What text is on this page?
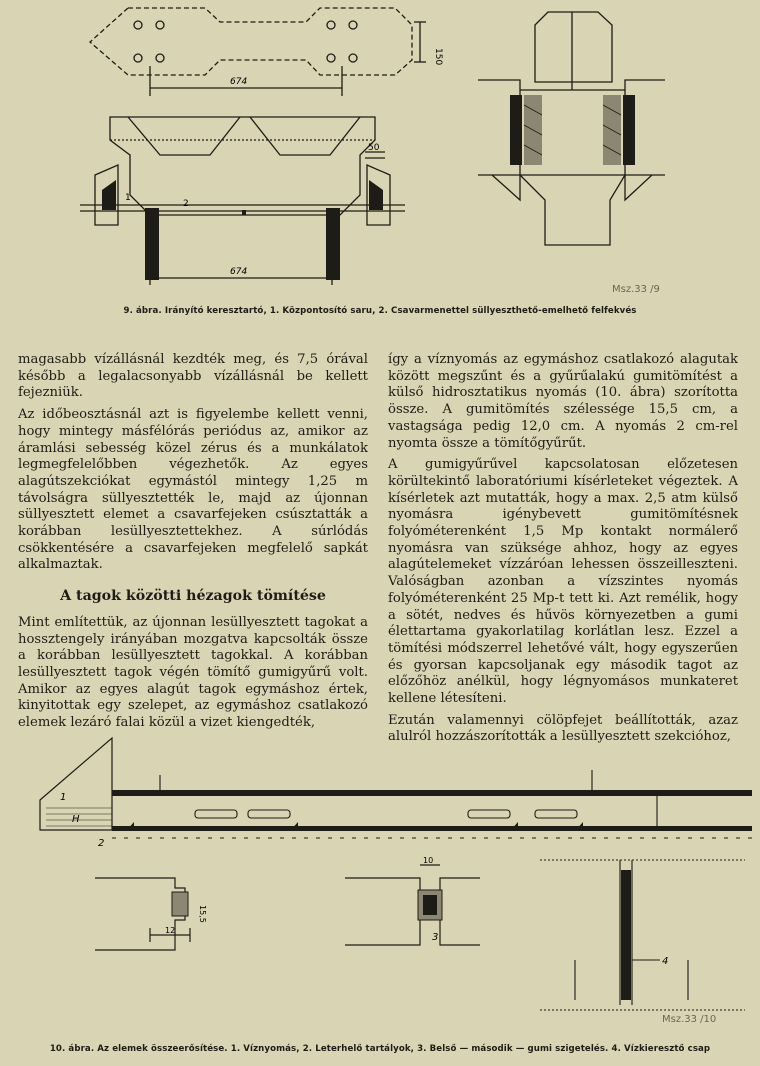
150
674
50
1
2
674
Msz.33 /9
9. ábra. Irányító keresztartó, 1. Központosító saru, 2. Csavarmenettel süllyeszthető-emelhető felfekvés

magasabb vízállásnál kezdték meg, és 7,5 órával később a legalacsonyabb vízállásnál be kellett fejezniük.

Az időbeosztásnál azt is figyelembe kellett venni, hogy mintegy másfélórás periódus az, amikor az áramlási sebesség közel zérus és a munkálatok legmegfelelőbben végezhetők. Az egyes alagútszekciókat egymástól mintegy 1,25 m távolságra süllyesztették le, majd az újonnan süllyesztett elemet a csavarfejeken csúsztatták a korábban lesüllyesztettekhez. A súrlódás csökkentésére a csavarfejeken megfelelő sapkát alkalmaztak.

A tagok közötti hézagok tömítése

Mint említettük, az újonnan lesüllyesztett tagokat a hossztengely irányában mozgatva kapcsolták össze a korábban lesüllyesztett tagokkal. A korábban lesüllyesztett tagok végén tömítő gumigyűrű volt. Amikor az egyes alagút tagok egymáshoz értek, kinyitottak egy szelepet, az egymáshoz csatlakozó elemek lezáró falai közül a vizet kiengedték,

így a víznyomás az egymáshoz csatlakozó alagutak között megszűnt és a gyűrűalakú gumitömítést a külső hidrosztatikus nyomás (10. ábra) szorította össze. A gumitömítés szélessége 15,5 cm, a vastagsága pedig 12,0 cm. A nyomás 2 cm-rel nyomta össze a tömítőgyűrűt.

A gumigyűrűvel kapcsolatosan előzetesen körültekintő laboratóriumi kísérleteket végeztek. A kísérletek azt mutatták, hogy a max. 2,5 atm külső nyomásra igénybevett gumitömítésnek folyóméterenként 1,5 Mp kontakt normálerő nyomásra van szüksége ahhoz, hogy az egyes alagútelemeket vízzáróan lehessen összeilleszteni. Valóságban azonban a vízszintes nyomás folyóméterenként 25 Mp-t tett ki. Azt remélik, hogy a sötét, nedves és hűvös környezetben a gumi élettartama gyakorlatilag korlátlan lesz. Ezzel a tömítési módszerrel lehetővé vált, hogy egyszerűen és gyorsan kapcsoljanak egy második tagot az előzőhöz anélkül, hogy légnyomásos munkateret kellene létesíteni.

Ezután valamennyi cölöpfejet beállították, azaz alulról hozzászorították a lesüllyesztett szekcióhoz,

1
H
2
15,5
12
10
3
4
Msz.33 /10
10. ábra. Az elemek összeerősítése. 1. Víznyomás, 2. Leterhelő tartályok, 3. Belső — második — gumi szigetelés. 4. Vízkieresztő csap
